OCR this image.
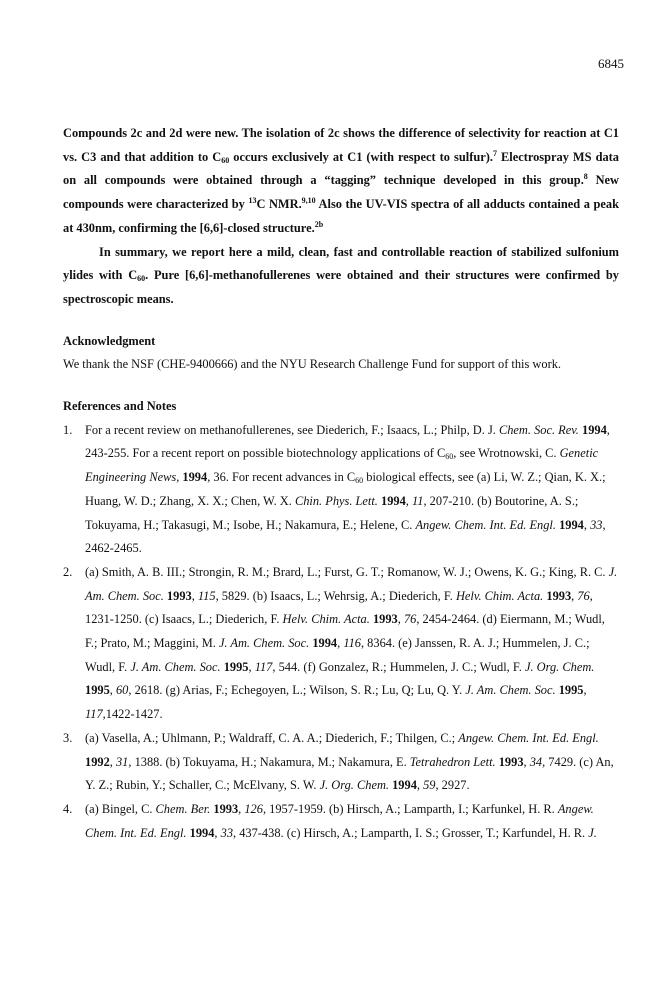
6845

Compounds 2c and 2d were new. The isolation of 2c shows the difference of selectivity for reaction at C1 vs. C3 and that addition to $C_{60}$ occurs exclusively at C1 (with respect to sulfur).$^7$ Electrospray MS data on all compounds were obtained through a “tagging” technique developed in this group.$^8$ New compounds were characterized by $^{13}$C NMR.$^{9,10}$ Also the UV-VIS spectra of all adducts contained a peak at 430nm, confirming the [6,6]-closed structure.$^{2b}$

In summary, we report here a mild, clean, fast and controllable reaction of stabilized sulfonium ylides with $C_{60}$. Pure [6,6]-methanofullerenes were obtained and their structures were confirmed by spectroscopic means.

Acknowledgment

We thank the NSF (CHE-9400666) and the NYU Research Challenge Fund for support of this work.

References and Notes
1. For a recent review on methanofullerenes, see Diederich, F.; Isaacs, L.; Philp, D. J. Chem. Soc. Rev. 1994, 243-255. For a recent report on possible biotechnology applications of $C_{60}$, see Wrotnowski, C. Genetic Engineering News, 1994, 36. For recent advances in $C_{60}$ biological effects, see (a) Li, W. Z.; Qian, K. X.; Huang, W. D.; Zhang, X. X.; Chen, W. X. Chin. Phys. Lett. 1994, 11, 207-210. (b) Boutorine, A. S.; Tokuyama, H.; Takasugi, M.; Isobe, H.; Nakamura, E.; Helene, C. Angew. Chem. Int. Ed. Engl. 1994, 33, 2462-2465.
2. (a) Smith, A. B. III.; Strongin, R. M.; Brard, L.; Furst, G. T.; Romanow, W. J.; Owens, K. G.; King, R. C. J. Am. Chem. Soc. 1993, 115, 5829. (b) Isaacs, L.; Wehrsig, A.; Diederich, F. Helv. Chim. Acta. 1993, 76, 1231-1250. (c) Isaacs, L.; Diederich, F. Helv. Chim. Acta. 1993, 76, 2454-2464. (d) Eiermann, M.; Wudl, F.; Prato, M.; Maggini, M. J. Am. Chem. Soc. 1994, 116, 8364. (e) Janssen, R. A. J.; Hummelen, J. C.; Wudl, F. J. Am. Chem. Soc. 1995, 117, 544. (f) Gonzalez, R.; Hummelen, J. C.; Wudl, F. J. Org. Chem. 1995, 60, 2618. (g) Arias, F.; Echegoyen, L.; Wilson, S. R.; Lu, Q; Lu, Q. Y. J. Am. Chem. Soc. 1995, 117,1422-1427.
3. (a) Vasella, A.; Uhlmann, P.; Waldraff, C. A. A.; Diederich, F.; Thilgen, C.; Angew. Chem. Int. Ed. Engl. 1992, 31, 1388. (b) Tokuyama, H.; Nakamura, M.; Nakamura, E. Tetrahedron Lett. 1993, 34, 7429. (c) An, Y. Z.; Rubin, Y.; Schaller, C.; McElvany, S. W. J. Org. Chem. 1994, 59, 2927.
4. (a) Bingel, C. Chem. Ber. 1993, 126, 1957-1959. (b) Hirsch, A.; Lamparth, I.; Karfunkel, H. R. Angew. Chem. Int. Ed. Engl. 1994, 33, 437-438. (c) Hirsch, A.; Lamparth, I. S.; Grosser, T.; Karfundel, H. R. J.
